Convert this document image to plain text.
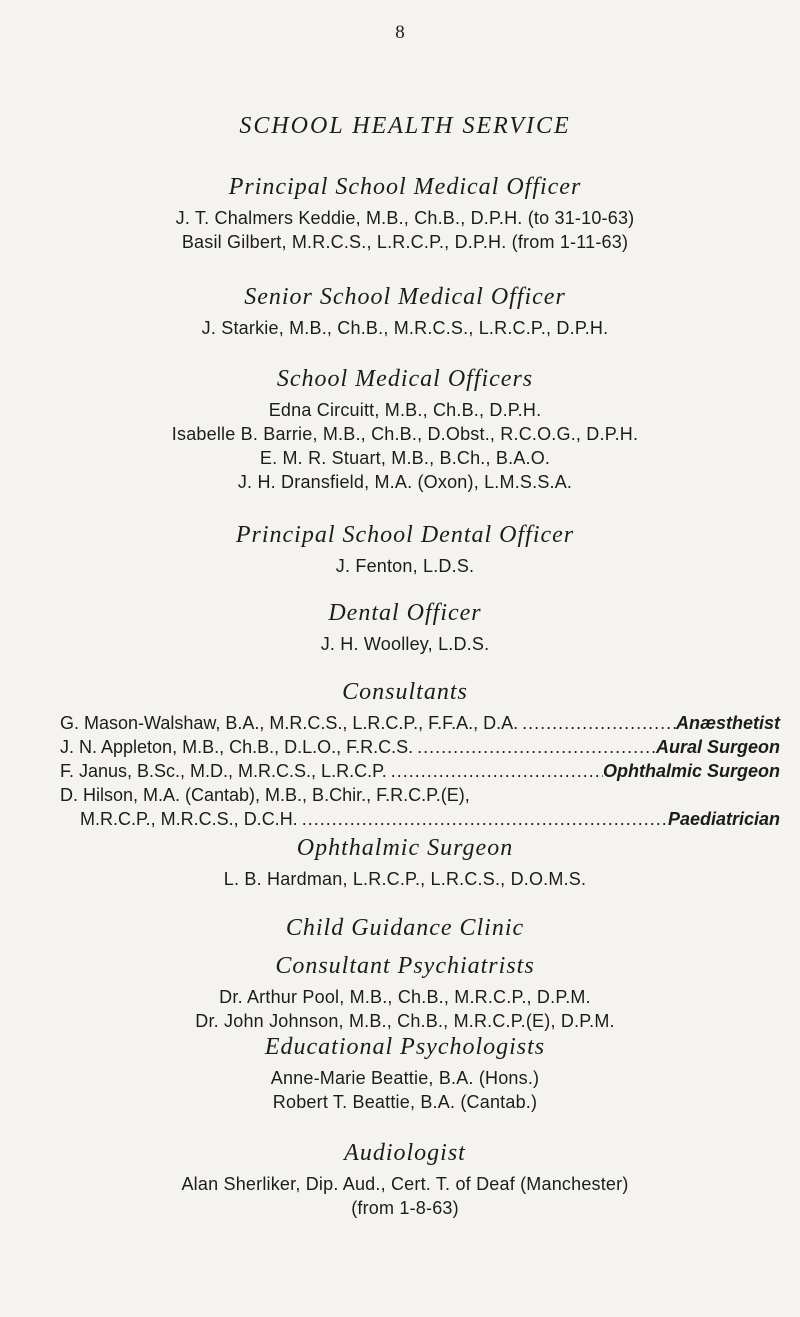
8
SCHOOL HEALTH SERVICE
Principal School Medical Officer
J. T. Chalmers Keddie, M.B., Ch.B., D.P.H. (to 31-10-63)
Basil Gilbert, M.R.C.S., L.R.C.P., D.P.H. (from 1-11-63)
Senior School Medical Officer
J. Starkie, M.B., Ch.B., M.R.C.S., L.R.C.P., D.P.H.
School Medical Officers
Edna Circuitt, M.B., Ch.B., D.P.H.
Isabelle B. Barrie, M.B., Ch.B., D.Obst., R.C.O.G., D.P.H.
E. M. R. Stuart, M.B., B.Ch., B.A.O.
J. H. Dransfield, M.A. (Oxon), L.M.S.S.A.
Principal School Dental Officer
J. Fenton, L.D.S.
Dental Officer
J. H. Woolley, L.D.S.
Consultants
G. Mason-Walshaw, B.A., M.R.C.S., L.R.C.P., F.F.A., D.A. .....	Anæsthetist
J. N. Appleton, M.B., Ch.B., D.L.O., F.R.C.S. .....	Aural Surgeon
F. Janus, B.Sc., M.D., M.R.C.S., L.R.C.P. .....	Ophthalmic Surgeon
D. Hilson, M.A. (Cantab), M.B., B.Chir., F.R.C.P.(E),
M.R.C.P., M.R.C.S., D.C.H. .....	Paediatrician
Ophthalmic Surgeon
L. B. Hardman, L.R.C.P., L.R.C.S., D.O.M.S.
Child Guidance Clinic
Consultant Psychiatrists
Dr. Arthur Pool, M.B., Ch.B., M.R.C.P., D.P.M.
Dr. John Johnson, M.B., Ch.B., M.R.C.P.(E), D.P.M.
Educational Psychologists
Anne-Marie Beattie, B.A. (Hons.)
Robert T. Beattie, B.A. (Cantab.)
Audiologist
Alan Sherliker, Dip. Aud., Cert. T. of Deaf (Manchester)
(from 1-8-63)
